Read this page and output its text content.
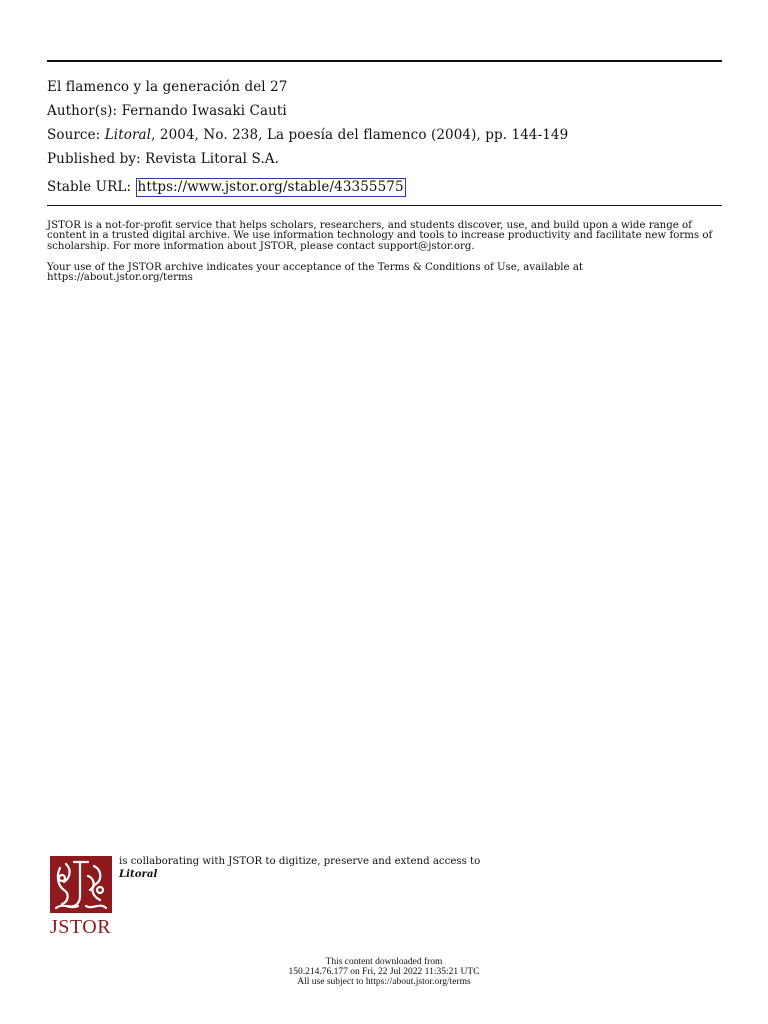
El flamenco y la generación del 27
Author(s): Fernando Iwasaki Cauti
Source: Litoral, 2004, No. 238, La poesía del flamenco (2004), pp. 144-149
Published by: Revista Litoral S.A.
Stable URL: https://www.jstor.org/stable/43355575
JSTOR is a not-for-profit service that helps scholars, researchers, and students discover, use, and build upon a wide range of content in a trusted digital archive. We use information technology and tools to increase productivity and facilitate new forms of scholarship. For more information about JSTOR, please contact support@jstor.org.
Your use of the JSTOR archive indicates your acceptance of the Terms & Conditions of Use, available at
https://about.jstor.org/terms
JSTOR
is collaborating with JSTOR to digitize, preserve and extend access to
Litoral
This content downloaded from
150.214.76.177 on Fri, 22 Jul 2022 11:35:21 UTC
All use subject to https://about.jstor.org/terms
